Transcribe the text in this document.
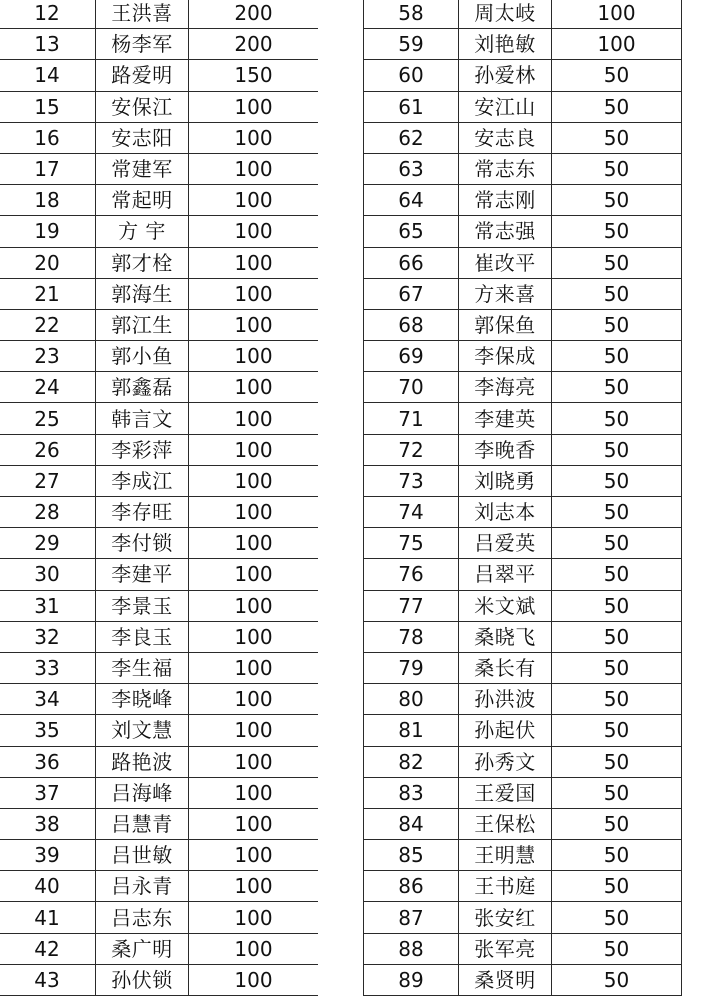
12	王洪喜	200
13	杨李军	200
14	路爱明	150
15	安保江	100
16	安志阳	100
17	常建军	100
18	常起明	100
19	方 宇	100
20	郭才栓	100
21	郭海生	100
22	郭江生	100
23	郭小鱼	100
24	郭鑫磊	100
25	韩言文	100
26	李彩萍	100
27	李成江	100
28	李存旺	100
29	李付锁	100
30	李建平	100
31	李景玉	100
32	李良玉	100
33	李生福	100
34	李晓峰	100
35	刘文慧	100
36	路艳波	100
37	吕海峰	100
38	吕慧青	100
39	吕世敏	100
40	吕永青	100
41	吕志东	100
42	桑广明	100
43	孙伏锁	100
58	周太岐	100
59	刘艳敏	100
60	孙爱林	50
61	安江山	50
62	安志良	50
63	常志东	50
64	常志刚	50
65	常志强	50
66	崔改平	50
67	方来喜	50
68	郭保鱼	50
69	李保成	50
70	李海亮	50
71	李建英	50
72	李晚香	50
73	刘晓勇	50
74	刘志本	50
75	吕爱英	50
76	吕翠平	50
77	米文斌	50
78	桑晓飞	50
79	桑长有	50
80	孙洪波	50
81	孙起伏	50
82	孙秀文	50
83	王爱国	50
84	王保松	50
85	王明慧	50
86	王书庭	50
87	张安红	50
88	张军亮	50
89	桑贤明	50
